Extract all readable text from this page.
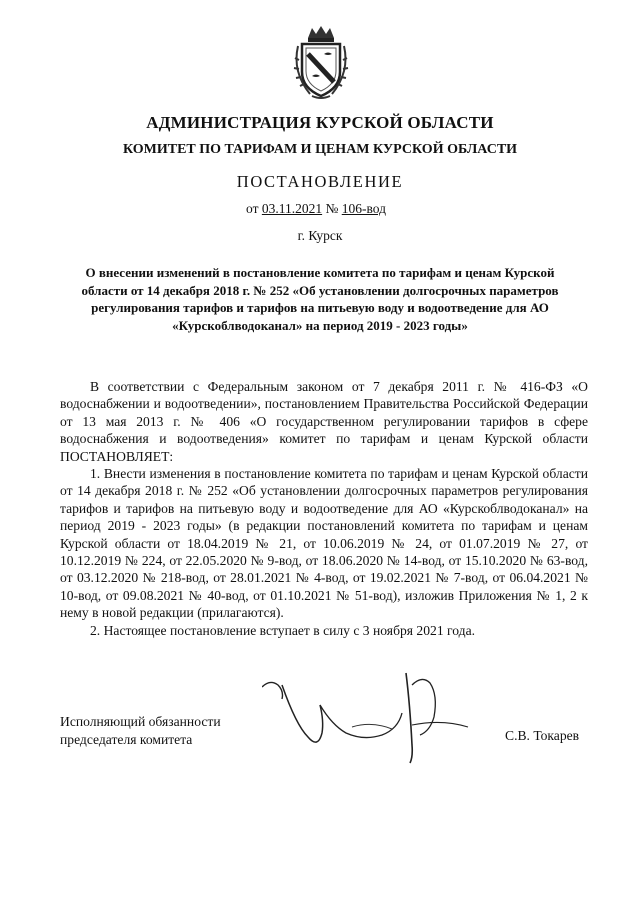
АДМИНИСТРАЦИЯ КУРСКОЙ ОБЛАСТИ
КОМИТЕТ ПО ТАРИФАМ И ЦЕНАМ КУРСКОЙ ОБЛАСТИ
ПОСТАНОВЛЕНИЕ
от 03.11.2021 № 106-вод
г. Курск
О внесении изменений в постановление комитета по тарифам и ценам Курской области от 14 декабря 2018 г. № 252 «Об установлении долгосрочных параметров регулирования тарифов и тарифов на питьевую воду и водоотведение для АО «Курскоблводоканал» на период 2019 - 2023 годы»

В соответствии с Федеральным законом от 7 декабря 2011 г. № 416-ФЗ «О водоснабжении и водоотведении», постановлением Правительства Российской Федерации от 13 мая 2013 г. № 406 «О государственном регулировании тарифов в сфере водоснабжения и водоотведения» комитет по тарифам и ценам Курской области ПОСТАНОВЛЯЕТ:

1. Внести изменения в постановление комитета по тарифам и ценам Курской области от 14 декабря 2018 г. № 252 «Об установлении долгосрочных параметров регулирования тарифов и тарифов на питьевую воду и водоотведение для АО «Курскоблводоканал» на период 2019 - 2023 годы» (в редакции постановлений комитета по тарифам и ценам Курской области от 18.04.2019 № 21, от 10.06.2019 № 24, от 01.07.2019 № 27, от 10.12.2019 № 224, от 22.05.2020 № 9-вод, от 18.06.2020 № 14-вод, от 15.10.2020 № 63-вод, от 03.12.2020 № 218-вод, от 28.01.2021 № 4-вод, от 19.02.2021 № 7-вод, от 06.04.2021 № 10-вод, от 09.08.2021 № 40-вод, от 01.10.2021 № 51-вод), изложив Приложения № 1, 2 к нему в новой редакции (прилагаются).

2. Настоящее постановление вступает в силу с 3 ноября 2021 года.

Исполняющий обязанности
председателя комитета	С.В. Токарев
